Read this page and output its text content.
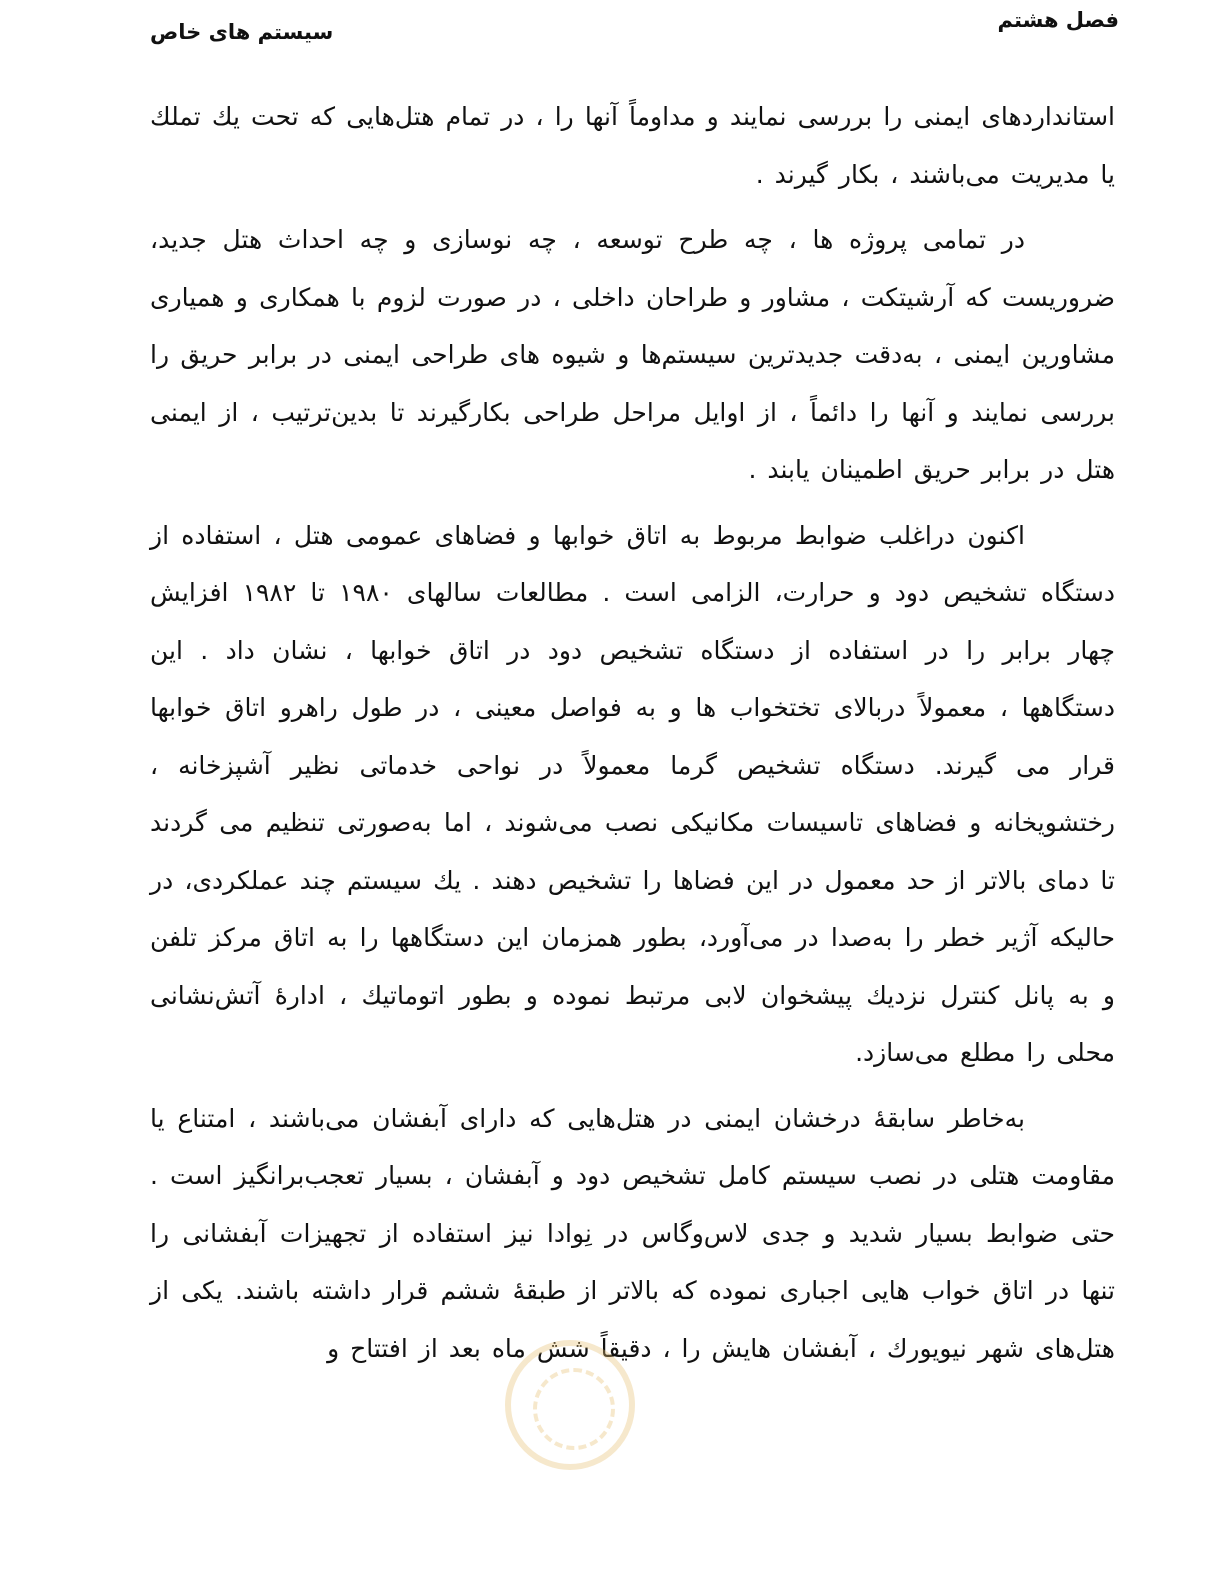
فصل هشتم
سیستم های خاص

استانداردهای ایمنی را بررسی نمایند و مداوماً آنها را ، در تمام هتل‌هایی که تحت یك تملك یا مدیریت می‌باشند ، بکار گیرند .

در تمامی پروژه ها ، چه طرح توسعه ، چه نوسازی و چه احداث هتل جدید، ضروریست که آرشیتکت ، مشاور و طراحان داخلی ، در صورت لزوم با همکاری و همیاری مشاورین ایمنی ، به‌دقت جدیدترین سیستم‌ها و شیوه های طراحی ایمنی در برابر حریق را بررسی نمایند و آنها را دائماً ، از اوایل مراحل طراحی بکارگیرند تا بدین‌ترتیب ، از ایمنی هتل در برابر حریق اطمینان یابند .

اکنون دراغلب ضوابط مربوط به اتاق خوابها و فضاهای عمومی هتل ، استفاده از دستگاه تشخیص دود و حرارت، الزامی است . مطالعات سالهای ۱۹۸۰ تا ۱۹۸۲ افزایش چهار برابر را در استفاده از دستگاه تشخیص دود در اتاق خوابها ، نشان داد . این دستگاهها ، معمولاً دربالای تختخواب ها و به فواصل معینی ، در طول راهرو اتاق خوابها قرار می گیرند. دستگاه تشخیص گرما معمولاً در نواحی خدماتی نظیر آشپزخانه ، رختشویخانه و فضاهای تاسیسات مکانیکی نصب می‌شوند ، اما به‌صورتی تنظیم می گردند تا دمای بالاتر از حد معمول در این فضاها را تشخیص دهند . یك سیستم چند عملکردی، در حالیکه آژیر خطر را به‌صدا در می‌آورد، بطور همزمان این دستگاهها را به اتاق مرکز تلفن و به پانل کنترل نزدیك پیشخوان لابی مرتبط نموده و بطور اتوماتیك ، ادارهٔ آتش‌نشانی محلی را مطلع می‌سازد.

به‌خاطر سابقهٔ درخشان ایمنی در هتل‌هایی که دارای آبفشان می‌باشند ، امتناع یا مقاومت هتلی در نصب سیستم کامل تشخیص دود و آبفشان ، بسیار تعجب‌برانگیز است . حتی ضوابط بسیار شدید و جدی لاس‌وگاس در نِوادا نیز استفاده از تجهیزات آبفشانی را تنها در اتاق خواب هایی اجباری نموده که بالاتر از طبقهٔ ششم قرار داشته باشند. یکی از هتل‌های شهر نیویورك ، آبفشان هایش را ، دقیقاً شش ماه بعد از افتتاح و
